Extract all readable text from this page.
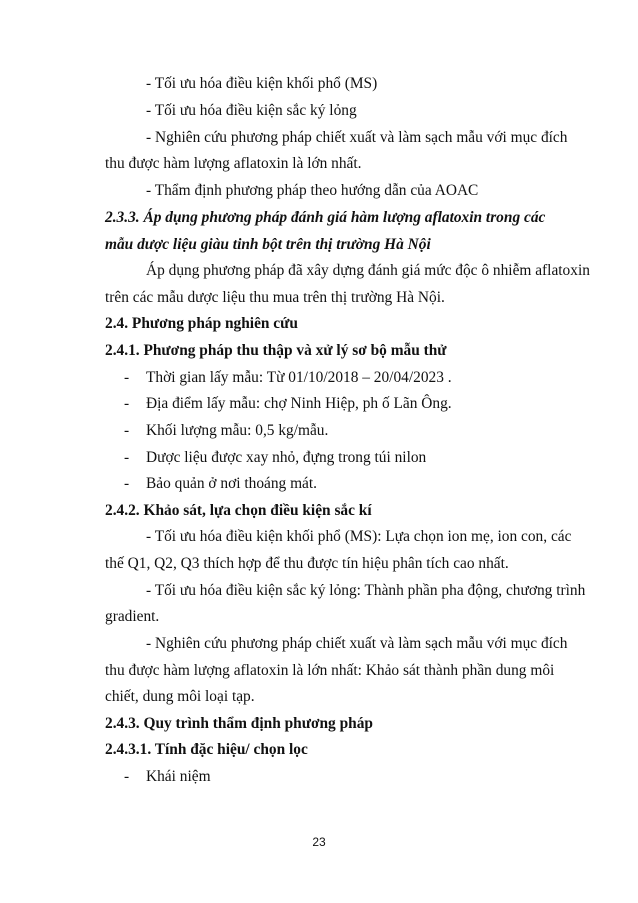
- Tối ưu hóa điều kiện khối phổ (MS)
- Tối ưu hóa điều kiện sắc ký lỏng
- Nghiên cứu phương pháp chiết xuất và làm sạch mẫu với mục đích
thu được hàm lượng aflatoxin là lớn nhất.
- Thẩm định phương pháp theo hướng dẫn của AOAC
2.3.3. Áp dụng phương pháp đánh giá hàm lượng aflatoxin trong các
mẫu dược liệu giàu tinh bột trên thị trường Hà Nội
Áp dụng phương pháp đã xây dựng đánh giá mức độc ô nhiễm aflatoxin
trên các mẫu dược liệu thu mua trên thị trường Hà Nội.
2.4. Phương pháp nghiên cứu
2.4.1. Phương pháp thu thập và xử lý sơ bộ mẫu thử
- Thời gian lấy mẫu: Từ 01/10/2018 – 20/04/2023 .
- Địa điểm lấy mẫu: chợ Ninh Hiệp, ph ố Lãn Ông.
- Khối lượng mẫu: 0,5 kg/mẫu.
- Dược liệu được xay nhỏ, đựng trong túi nilon
- Bảo quản ở nơi thoáng mát.
2.4.2. Khảo sát, lựa chọn điều kiện sắc kí
- Tối ưu hóa điều kiện khối phổ (MS): Lựa chọn ion mẹ, ion con, các
thế Q1, Q2, Q3 thích hợp để thu được tín hiệu phân tích cao nhất.
- Tối ưu hóa điều kiện sắc ký lỏng: Thành phần pha động, chương trình
gradient.
- Nghiên cứu phương pháp chiết xuất và làm sạch mẫu với mục đích
thu được hàm lượng aflatoxin là lớn nhất: Khảo sát thành phần dung môi
chiết, dung môi loại tạp.
2.4.3. Quy trình thẩm định phương pháp
2.4.3.1. Tính đặc hiệu/ chọn lọc
- Khái niệm
23
